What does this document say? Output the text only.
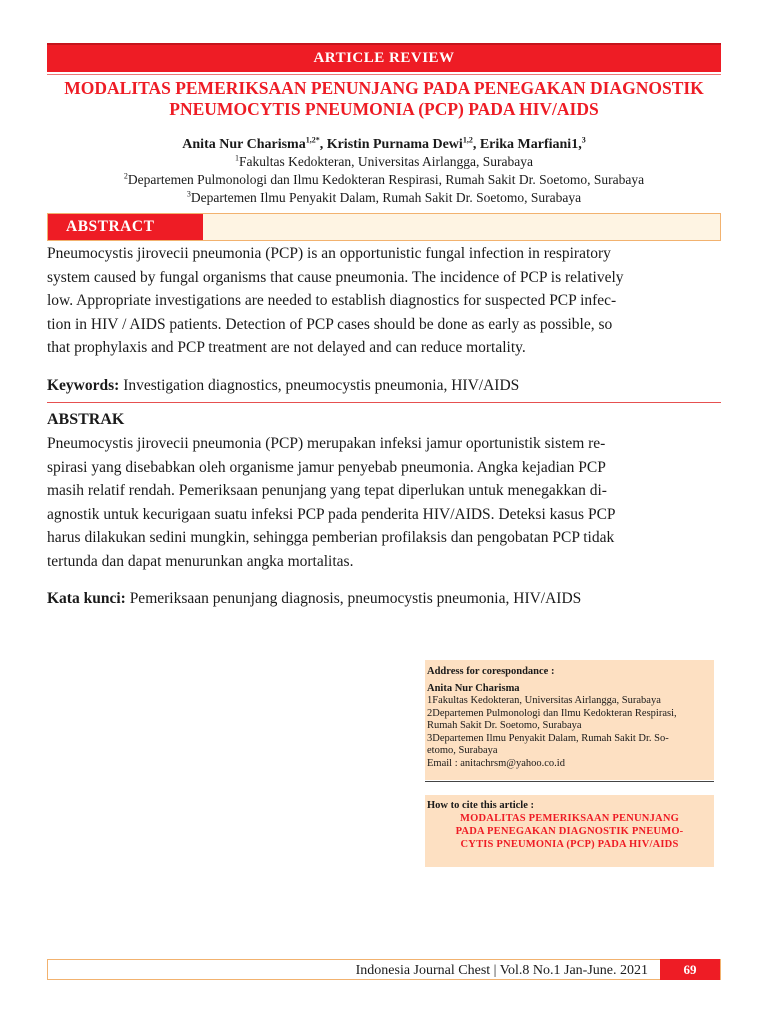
ARTICLE REVIEW
MODALITAS PEMERIKSAAN PENUNJANG PADA PENEGAKAN DIAGNOSTIK
PNEUMOCYTIS PNEUMONIA (PCP) PADA HIV/AIDS
Anita Nur Charisma$^{1,2*}$, Kristin Purnama Dewi$^{1,2}$, Erika Marfiani1,$^3$
$^1$Fakultas Kedokteran, Universitas Airlangga, Surabaya
$^2$Departemen Pulmonologi dan Ilmu Kedokteran Respirasi, Rumah Sakit Dr. Soetomo, Surabaya
$^3$Departemen Ilmu Penyakit Dalam, Rumah Sakit Dr. Soetomo, Surabaya
ABSTRACT
Pneumocystis jirovecii pneumonia (PCP) is an opportunistic fungal infection in respiratory
system caused by fungal organisms that cause pneumonia. The incidence of PCP is relatively
low. Appropriate investigations are needed to establish diagnostics for suspected PCP infec-
tion in HIV / AIDS patients. Detection of PCP cases should be done as early as possible, so
that prophylaxis and PCP treatment are not delayed and can reduce mortality.
Keywords: Investigation diagnostics, pneumocystis pneumonia, HIV/AIDS
ABSTRAK
Pneumocystis jirovecii pneumonia (PCP) merupakan infeksi jamur oportunistik sistem re-
spirasi yang disebabkan oleh organisme jamur penyebab pneumonia. Angka kejadian PCP
masih relatif rendah. Pemeriksaan penunjang yang tepat diperlukan untuk menegakkan di-
agnostik untuk kecurigaan suatu infeksi PCP pada penderita HIV/AIDS. Deteksi kasus PCP
harus dilakukan sedini mungkin, sehingga pemberian profilaksis dan pengobatan PCP tidak
tertunda dan dapat menurunkan angka mortalitas.
Kata kunci: Pemeriksaan penunjang diagnosis, pneumocystis pneumonia, HIV/AIDS
Address for corespondance :
Anita Nur Charisma
1Fakultas Kedokteran, Universitas Airlangga, Surabaya
2Departemen Pulmonologi dan Ilmu Kedokteran Respirasi,
Rumah Sakit Dr. Soetomo, Surabaya
3Departemen Ilmu Penyakit Dalam, Rumah Sakit Dr. So-
etomo, Surabaya
Email : anitachrsm@yahoo.co.id
How to cite this article :
MODALITAS PEMERIKSAAN PENUNJANG
PADA PENEGAKAN DIAGNOSTIK PNEUMO-
CYTIS PNEUMONIA (PCP) PADA HIV/AIDS
Indonesia Journal Chest | Vol.8 No.1 Jan-June. 2021	69
